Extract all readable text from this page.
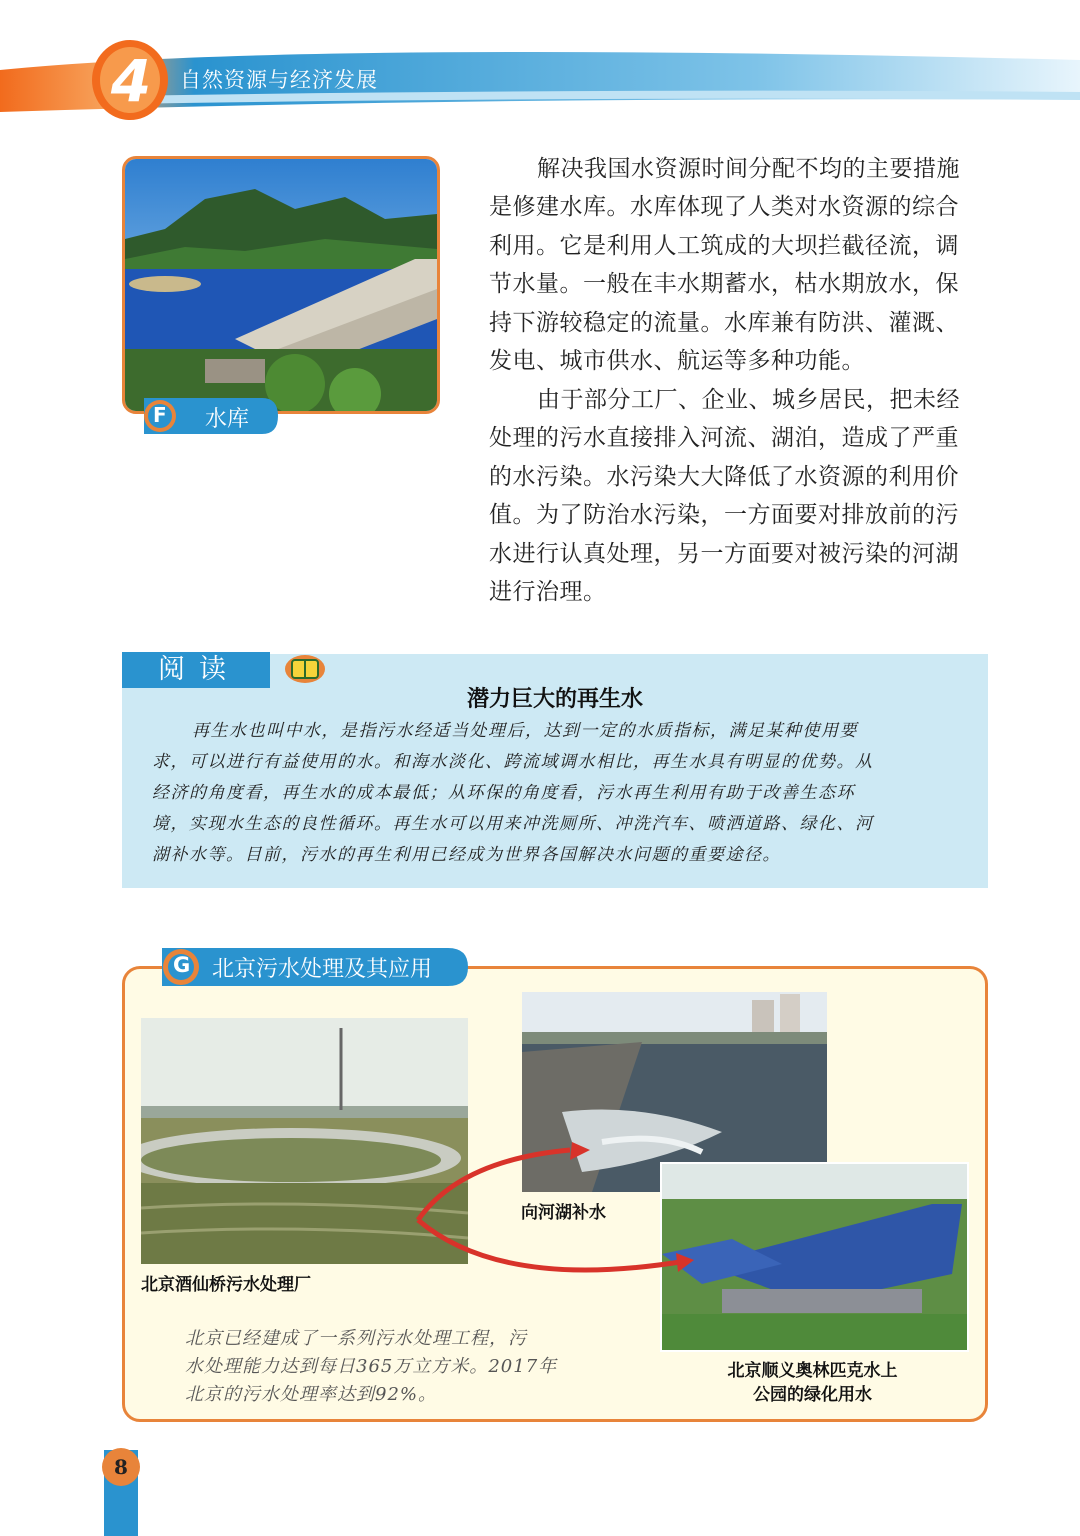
4	自然资源与经济发展
F 水库
解决我国水资源时间分配不均的主要措施
是修建水库。水库体现了人类对水资源的综合
利用。它是利用人工筑成的大坝拦截径流，调
节水量。一般在丰水期蓄水，枯水期放水，保
持下游较稳定的流量。水库兼有防洪、灌溉、
发电、城市供水、航运等多种功能。
由于部分工厂、企业、城乡居民，把未经
处理的污水直接排入河流、湖泊，造成了严重
的水污染。水污染大大降低了水资源的利用价
值。为了防治水污染，一方面要对排放前的污
水进行认真处理，另一方面要对被污染的河湖
进行治理。
阅读
潜力巨大的再生水
再生水也叫中水，是指污水经适当处理后，达到一定的水质指标，满足某种使用要
求，可以进行有益使用的水。和海水淡化、跨流域调水相比，再生水具有明显的优势。从
经济的角度看，再生水的成本最低；从环保的角度看，污水再生利用有助于改善生态环
境，实现水生态的良性循环。再生水可以用来冲洗厕所、冲洗汽车、喷洒道路、绿化、河
湖补水等。目前，污水的再生利用已经成为世界各国解决水问题的重要途径。
G 北京污水处理及其应用
北京酒仙桥污水处理厂
向河湖补水
北京顺义奥林匹克水上
公园的绿化用水
北京已经建成了一系列污水处理工程，污
水处理能力达到每日365万立方米。2017年
北京的污水处理率达到92%。
8
